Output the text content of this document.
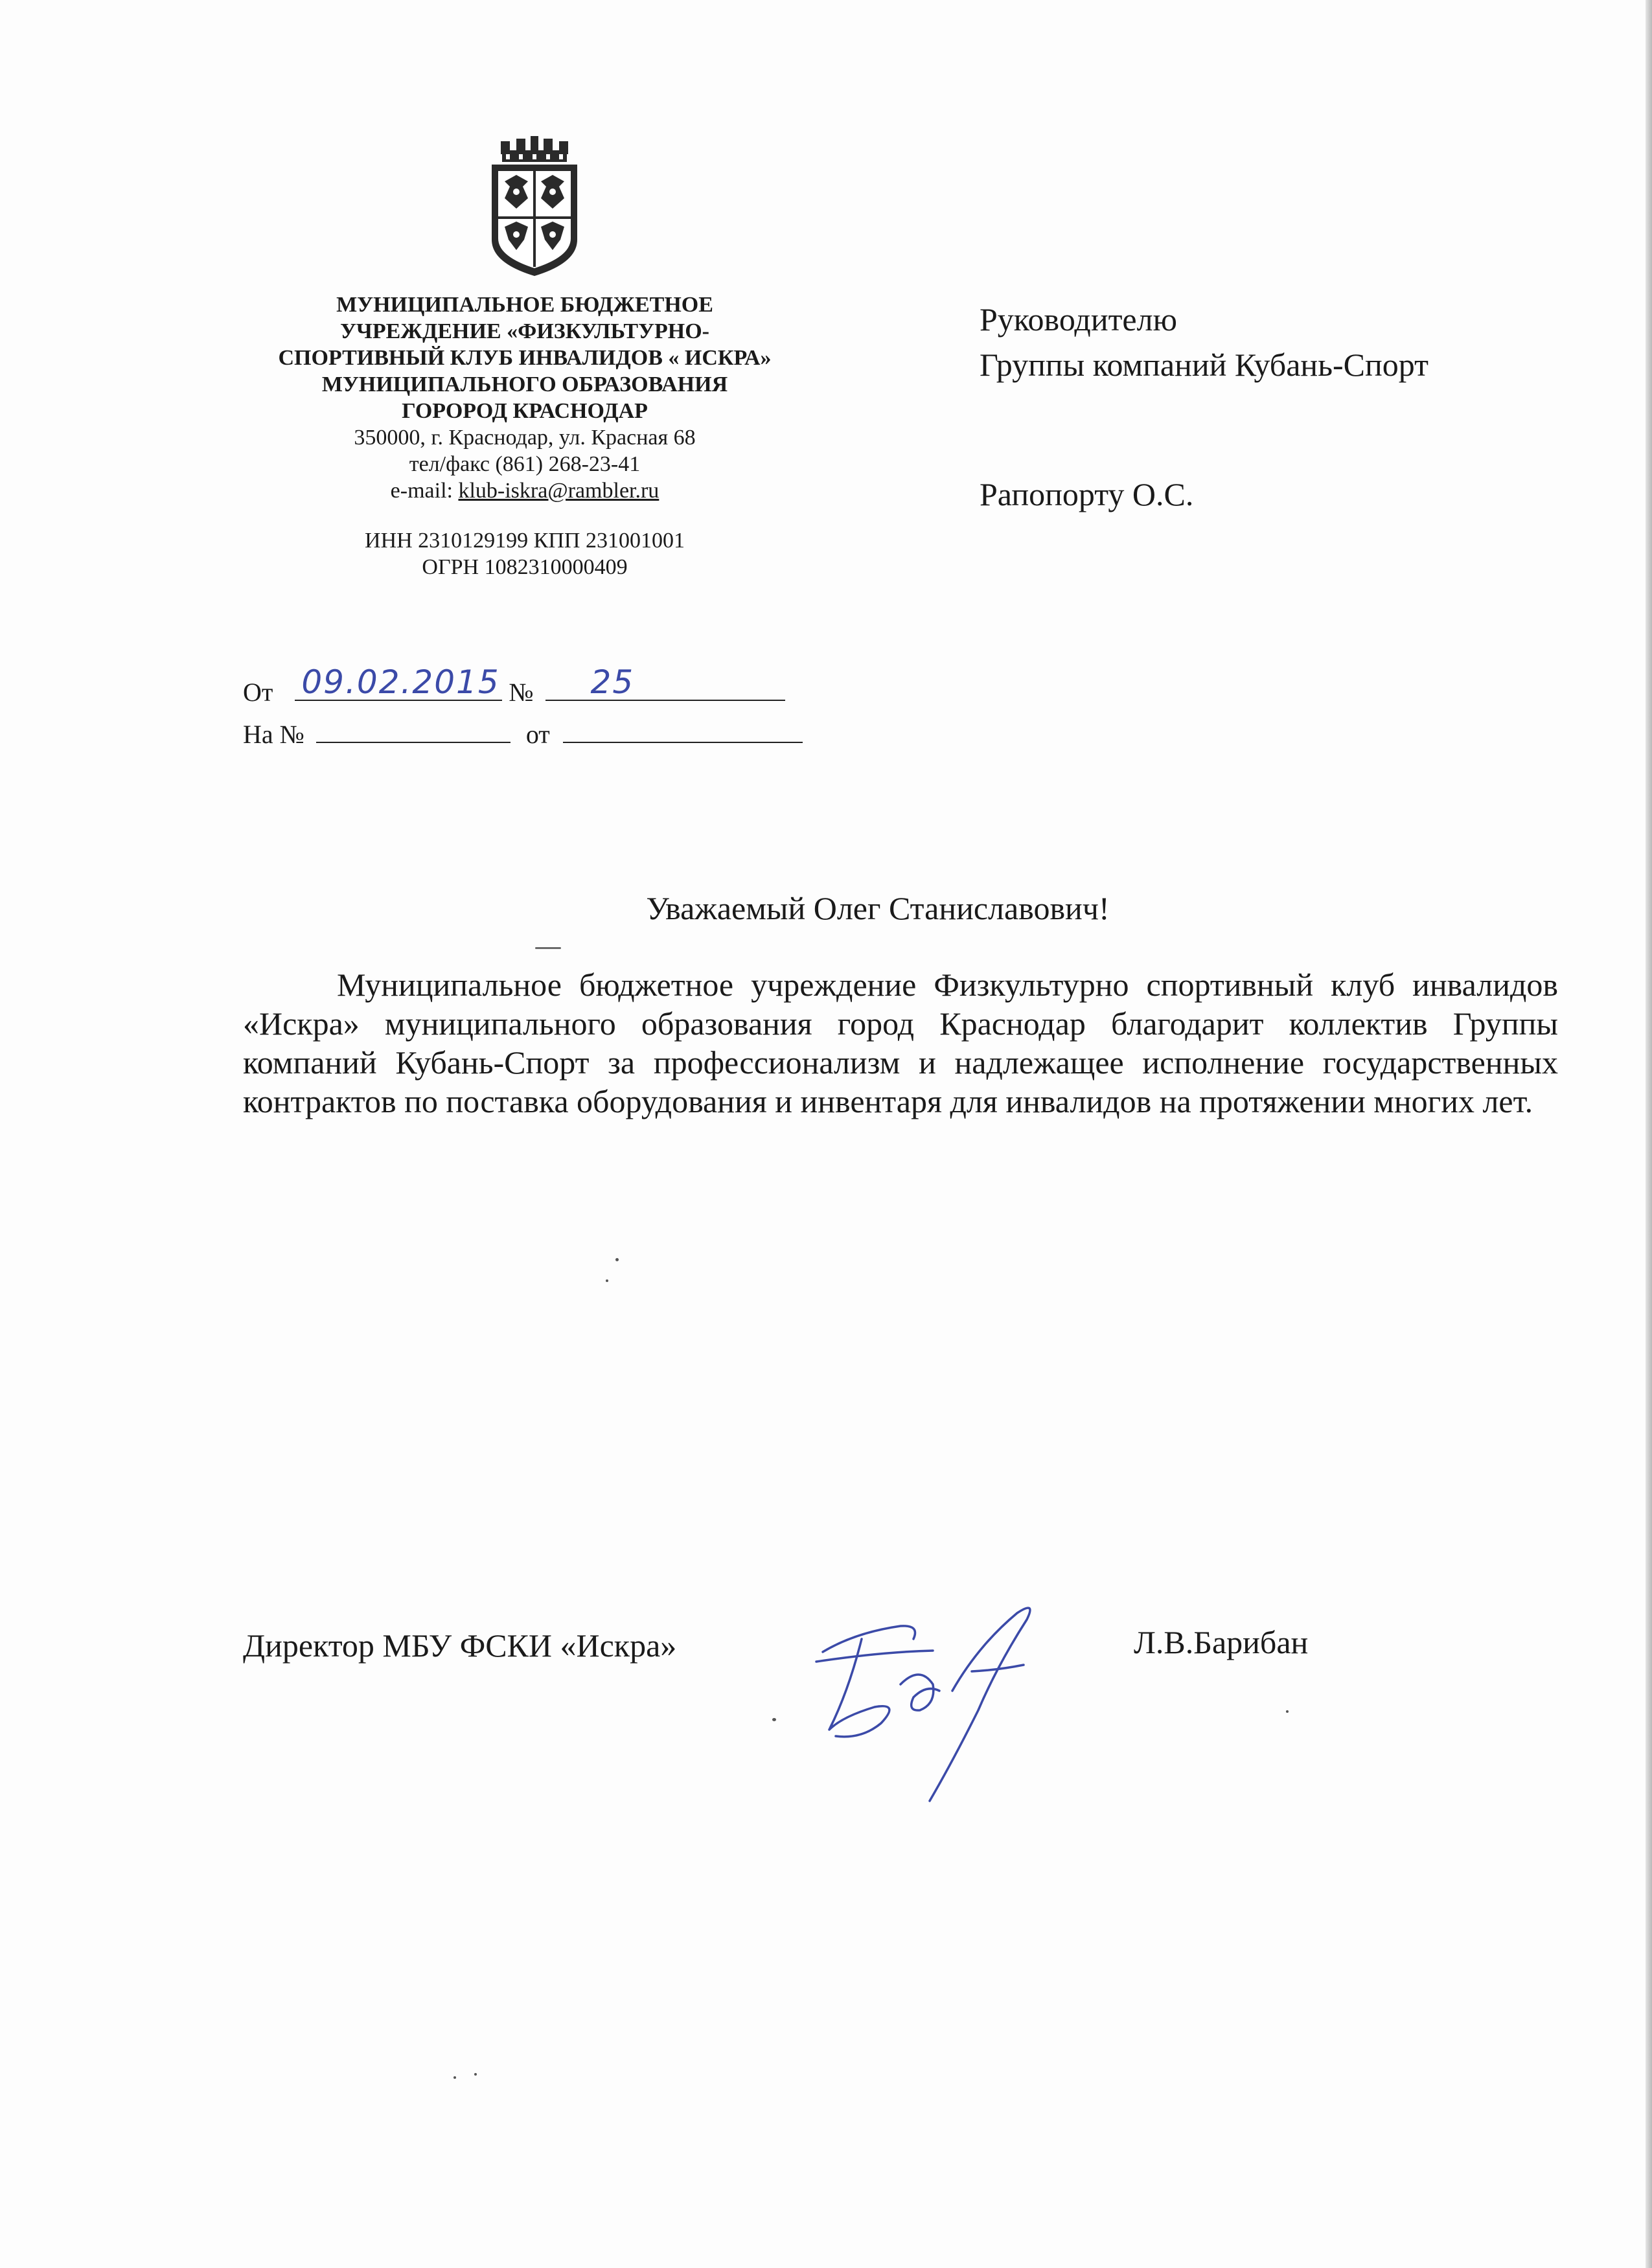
МУНИЦИПАЛЬНОЕ БЮДЖЕТНОЕ

УЧРЕЖДЕНИЕ «ФИЗКУЛЬТУРНО-

СПОРТИВНЫЙ КЛУБ ИНВАЛИДОВ « ИСКРА»

МУНИЦИПАЛЬНОГО ОБРАЗОВАНИЯ

ГОРОРОД КРАСНОДАР

350000, г. Краснодар, ул. Красная 68

тел/факс (861) 268-23-41

e-mail: klub-iskra@rambler.ru

ИНН 2310129199 КПП 231001001

ОГРН 1082310000409

Руководителю

Группы компаний Кубань-Спорт

Рапопорту О.С.

От 09.02.2015 № 25
На №	от
Уважаемый Олег Станиславович!

Муниципальное бюджетное учреждение Физкультурно спортивный клуб инвалидов «Искра» муниципального образования город Краснодар благодарит коллектив Группы компаний Кубань-Спорт за профессионализм и надлежащее исполнение государственных контрактов по поставка оборудования и инвентаря для инвалидов на протяжении многих лет.

Директор МБУ ФСКИ «Искра»	Л.В.Барибан
